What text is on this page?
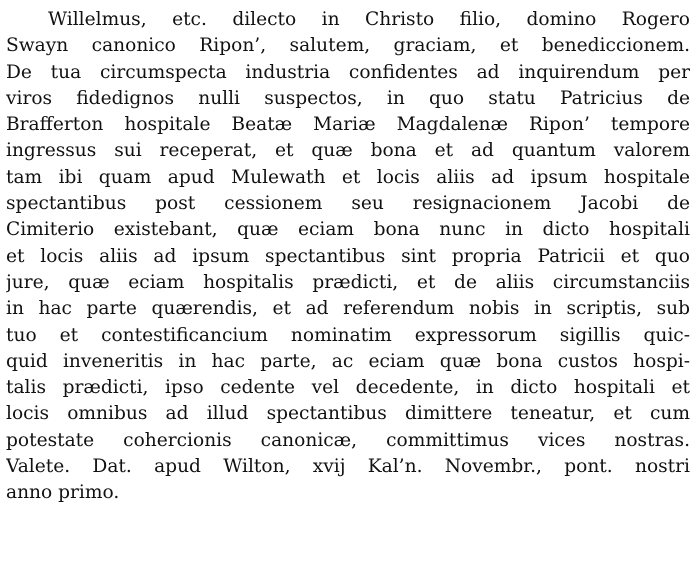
Willelmus, etc. dilecto in Christo filio, domino Rogero
Swayn canonico Ripon’, salutem, graciam, et benediccionem.
De tua circumspecta industria confidentes ad inquirendum per
viros fidedignos nulli suspectos, in quo statu Patricius de
Brafferton hospitale Beatæ Mariæ Magdalenæ Ripon’ tempore
ingressus sui receperat, et quæ bona et ad quantum valorem
tam ibi quam apud Mulewath et locis aliis ad ipsum hospitale
spectantibus post cessionem seu resignacionem Jacobi de
Cimiterio existebant, quæ eciam bona nunc in dicto hospitali
et locis aliis ad ipsum spectantibus sint propria Patricii et quo
jure, quæ eciam hospitalis prædicti, et de aliis circumstanciis
in hac parte quærendis, et ad referendum nobis in scriptis, sub
tuo et contestificancium nominatim expressorum sigillis quic-
quid inveneritis in hac parte, ac eciam quæ bona custos hospi-
talis prædicti, ipso cedente vel decedente, in dicto hospitali et
locis omnibus ad illud spectantibus dimittere teneatur, et cum
potestate cohercionis canonicæ, committimus vices nostras.
Valete. Dat. apud Wilton, xvij Kal’n. Novembr., pont. nostri
anno primo.
